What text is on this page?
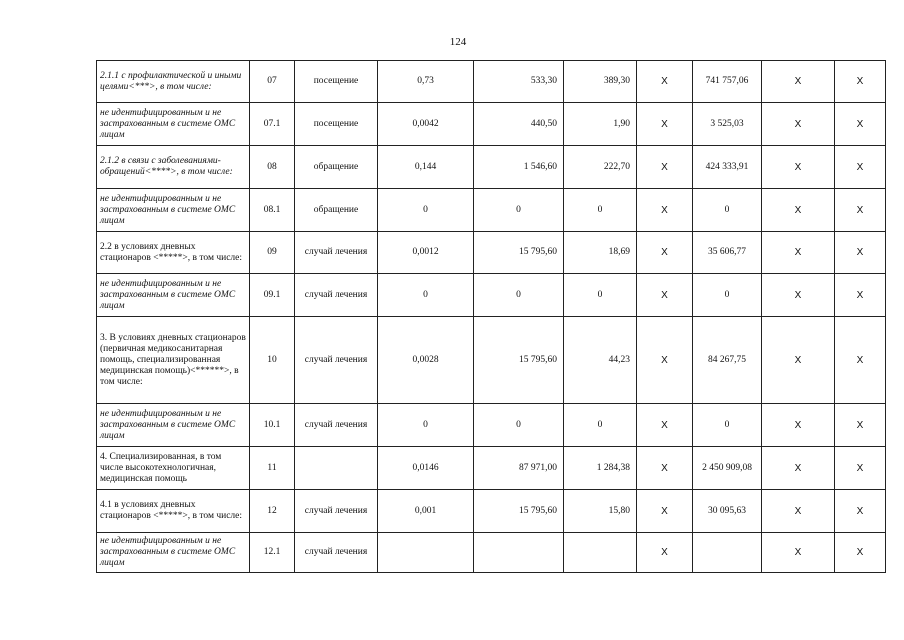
124
2.1.1 с профилактической и иными целями<***>, в том числе:	07	посещение	0,73	533,30	389,30	Х	741 757,06	Х	Х
не идентифицированным и не застрахованным в системе ОМС лицам	07.1	посещение	0,0042	440,50	1,90	Х	3 525,03	Х	Х
2.1.2 в связи с заболеваниями-обращений<****>, в том числе:	08	обращение	0,144	1 546,60	222,70	Х	424 333,91	Х	Х
не идентифицированным и не застрахованным в системе ОМС лицам	08.1	обращение	0	0	0	Х	0	Х	Х
2.2 в условиях дневных стационаров <*****>, в том числе:	09	случай лечения	0,0012	15 795,60	18,69	Х	35 606,77	Х	Х
не идентифицированным и не застрахованным в системе ОМС лицам	09.1	случай лечения	0	0	0	Х	0	Х	Х
3. В условиях дневных стационаров (первичная медикосанитарная помощь, специализированная медицинская помощь)<******>, в том числе:	10	случай лечения	0,0028	15 795,60	44,23	Х	84 267,75	Х	Х
не идентифицированным и не застрахованным в системе ОМС лицам	10.1	случай лечения	0	0	0	Х	0	Х	Х
4. Специализированная, в том числе высокотехнологичная, медицинская помощь	11		0,0146	87 971,00	1 284,38	Х	2 450 909,08	Х	Х
4.1 в условиях дневных стационаров <*****>, в том числе:	12	случай лечения	0,001	15 795,60	15,80	Х	30 095,63	Х	Х
не идентифицированным и не застрахованным в системе ОМС лицам	12.1	случай лечения				Х		Х	Х
